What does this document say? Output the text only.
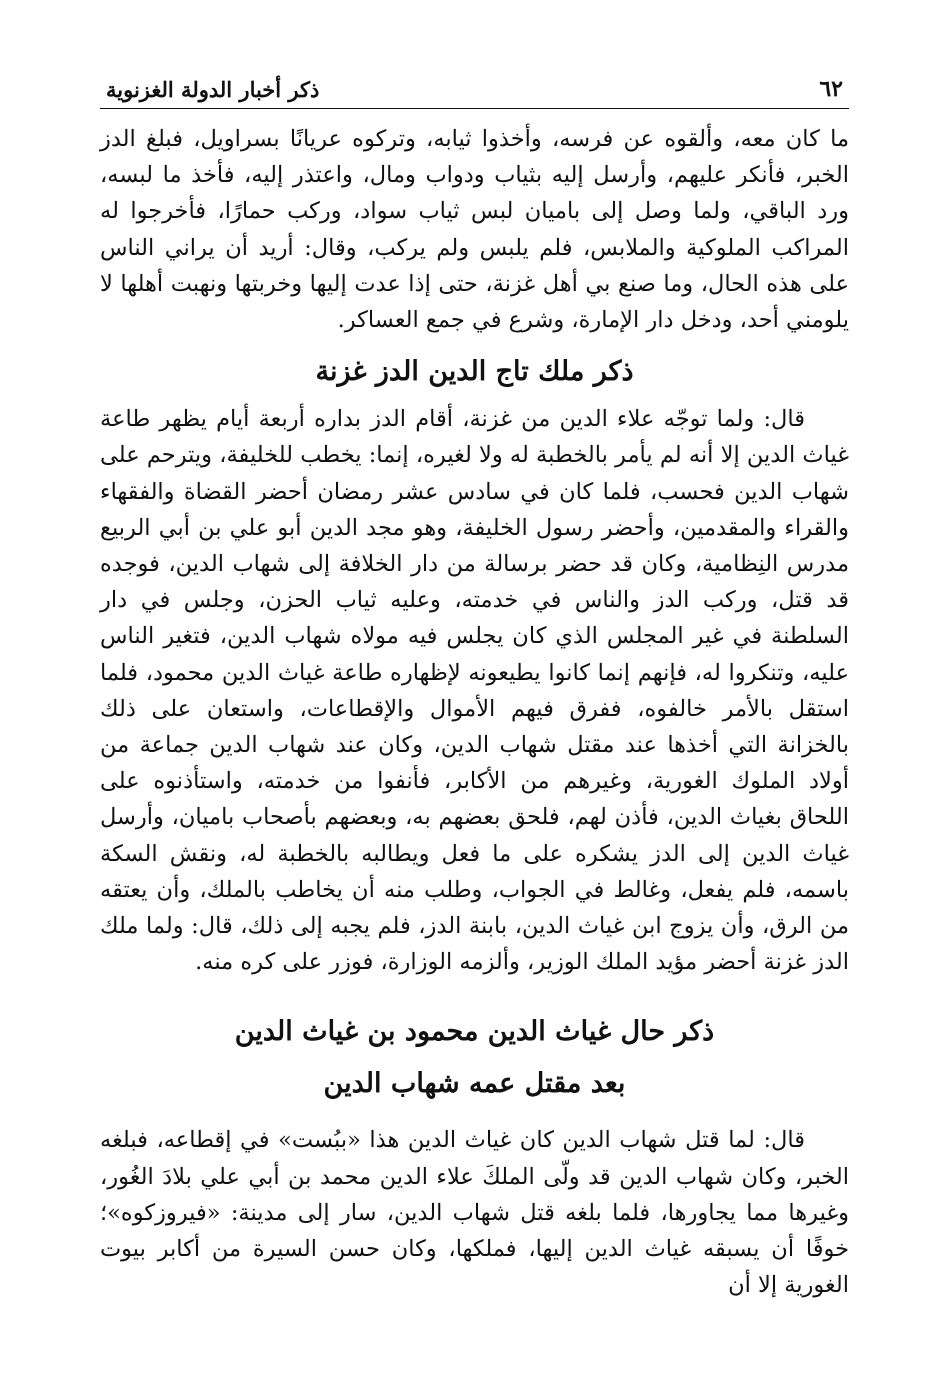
٦٢
ذكر أخبار الدولة الغزنوية

ما كان معه، وألقوه عن فرسه، وأخذوا ثيابه، وتركوه عريانًا بسراويل، فبلغ الدز الخبر، فأنكر عليهم، وأرسل إليه بثياب ودواب ومال، واعتذر إليه، فأخذ ما لبسه، ورد الباقي، ولما وصل إلى باميان لبس ثياب سواد، وركب حمارًا، فأخرجوا له المراكب الملوكية والملابس، فلم يلبس ولم يركب، وقال: أريد أن يراني الناس على هذه الحال، وما صنع بي أهل غزنة، حتى إذا عدت إليها وخربتها ونهبت أهلها لا يلومني أحد، ودخل دار الإمارة، وشرع في جمع العساكر.

ذكر ملك تاج الدين الدز غزنة

قال: ولما توجّه علاء الدين من غزنة، أقام الدز بداره أربعة أيام يظهر طاعة غياث الدين إلا أنه لم يأمر بالخطبة له ولا لغيره، إنما: يخطب للخليفة، ويترحم على شهاب الدين فحسب، فلما كان في سادس عشر رمضان أحضر القضاة والفقهاء والقراء والمقدمين، وأحضر رسول الخليفة، وهو مجد الدين أبو علي بن أبي الربيع مدرس النِظامية، وكان قد حضر برسالة من دار الخلافة إلى شهاب الدين، فوجده قد قتل، وركب الدز والناس في خدمته، وعليه ثياب الحزن، وجلس في دار السلطنة في غير المجلس الذي كان يجلس فيه مولاه شهاب الدين، فتغير الناس عليه، وتنكروا له، فإنهم إنما كانوا يطيعونه لإظهاره طاعة غياث الدين محمود، فلما استقل بالأمر خالفوه، ففرق فيهم الأموال والإقطاعات، واستعان على ذلك بالخزانة التي أخذها عند مقتل شهاب الدين، وكان عند شهاب الدين جماعة من أولاد الملوك الغورية، وغيرهم من الأكابر، فأنفوا من خدمته، واستأذنوه على اللحاق بغياث الدين، فأذن لهم، فلحق بعضهم به، وبعضهم بأصحاب باميان، وأرسل غياث الدين إلى الدز يشكره على ما فعل ويطالبه بالخطبة له، ونقش السكة باسمه، فلم يفعل، وغالط في الجواب، وطلب منه أن يخاطب بالملك، وأن يعتقه من الرق، وأن يزوج ابن غياث الدين، بابنة الدز، فلم يجبه إلى ذلك، قال: ولما ملك الدز غزنة أحضر مؤيد الملك الوزير، وألزمه الوزارة، فوزر على كره منه.

ذكر حال غياث الدين محمود بن غياث الدين
بعد مقتل عمه شهاب الدين

قال: لما قتل شهاب الدين كان غياث الدين هذا «ببُست» في إقطاعه، فبلغه الخبر، وكان شهاب الدين قد ولّى الملكَ علاء الدين محمد بن أبي علي بلادَ الغُور، وغيرها مما يجاورها، فلما بلغه قتل شهاب الدين، سار إلى مدينة: «فيروزكوه»؛ خوفًا أن يسبقه غياث الدين إليها، فملكها، وكان حسن السيرة من أكابر بيوت الغورية إلا أن
